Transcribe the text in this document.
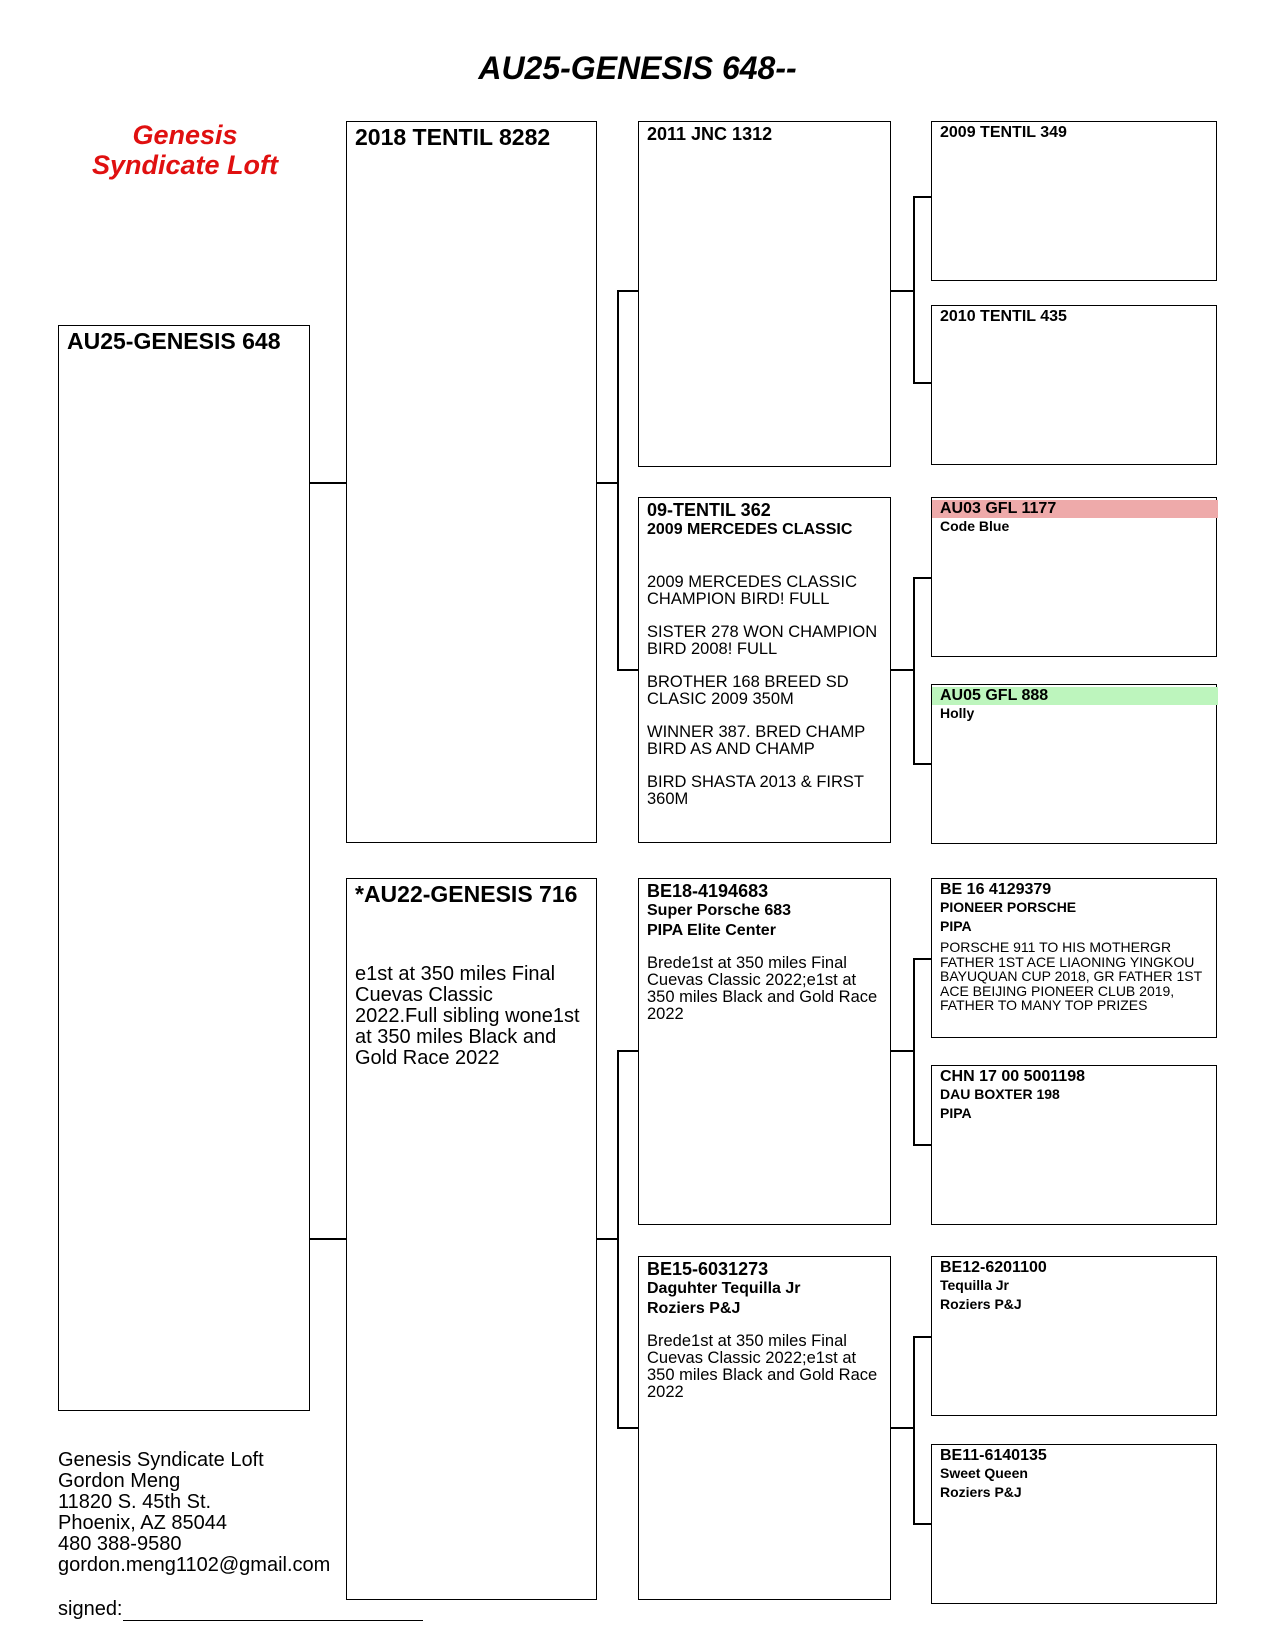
AU25-GENESIS 648--
Genesis
Syndicate Loft
AU25-GENESIS 648
2018 TENTIL 8282
*AU22-GENESIS 716
e1st at 350 miles Final Cuevas Classic 2022.Full sibling wone1st at 350 miles Black and Gold Race 2022
2011 JNC 1312
09-TENTIL 362
2009 MERCEDES CLASSIC

2009 MERCEDES CLASSIC CHAMPION BIRD! FULL

SISTER 278 WON CHAMPION BIRD 2008! FULL

BROTHER 168 BREED SD CLASIC 2009 350M

WINNER 387. BRED CHAMP BIRD AS AND CHAMP

BIRD SHASTA 2013 & FIRST 360M

BE18-4194683
Super Porsche 683
PIPA Elite Center
Brede1st at 350 miles Final Cuevas Classic 2022;e1st at 350 miles Black and Gold Race 2022
BE15-6031273
Daguhter Tequilla Jr
Roziers P&J
Brede1st at 350 miles Final Cuevas Classic 2022;e1st at 350 miles Black and Gold Race 2022
2009 TENTIL 349
2010 TENTIL 435
AU03 GFL 1177
Code Blue
AU05 GFL 888
Holly
BE 16 4129379
PIONEER PORSCHE
PIPA
PORSCHE 911 TO HIS MOTHERGR FATHER 1ST ACE LIAONING YINGKOU BAYUQUAN CUP 2018, GR FATHER 1ST ACE BEIJING PIONEER CLUB 2019, FATHER TO MANY TOP PRIZES
CHN 17 00 5001198
DAU BOXTER 198
PIPA
BE12-6201100
Tequilla Jr
Roziers P&J
BE11-6140135
Sweet Queen
Roziers P&J
Genesis Syndicate Loft
Gordon Meng
11820 S. 45th St.
Phoenix, AZ 85044
480 388-9580
gordon.meng1102@gmail.com
signed:
